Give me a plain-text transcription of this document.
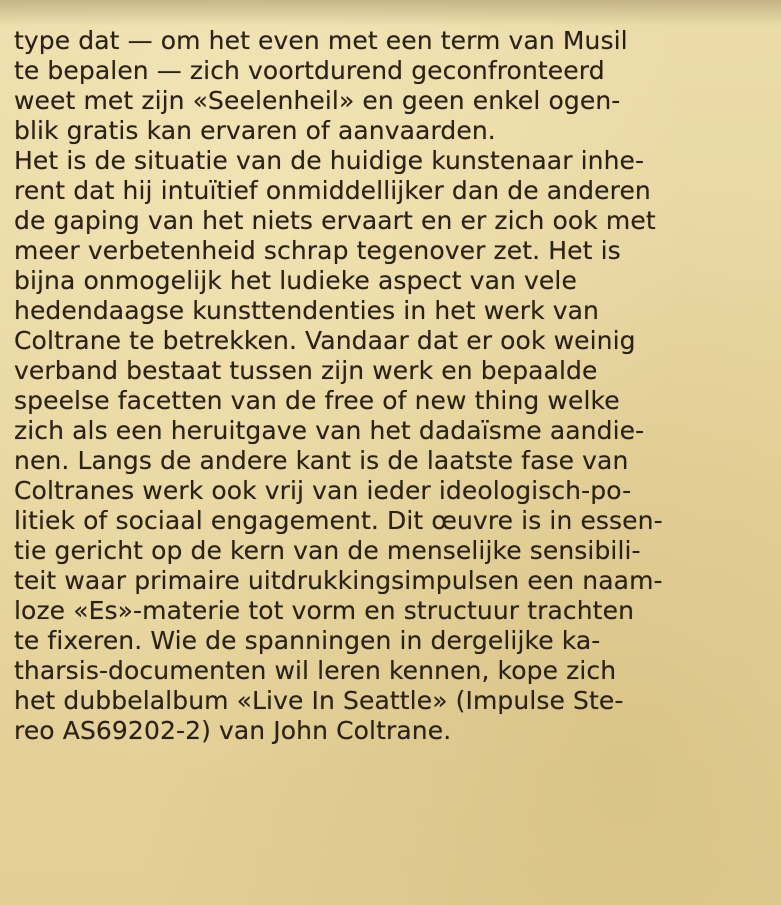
type dat — om het even met een term van Musil
te bepalen — zich voortdurend geconfronteerd
weet met zijn «Seelenheil» en geen enkel ogen-
blik gratis kan ervaren of aanvaarden.
Het is de situatie van de huidige kunstenaar inhe-
rent dat hij intuïtief onmiddellijker dan de anderen
de gaping van het niets ervaart en er zich ook met
meer verbetenheid schrap tegenover zet. Het is
bijna onmogelijk het ludieke aspect van vele
hedendaagse kunsttendenties in het werk van
Coltrane te betrekken. Vandaar dat er ook weinig
verband bestaat tussen zijn werk en bepaalde
speelse facetten van de free of new thing welke
zich als een heruitgave van het dadaïsme aandie-
nen. Langs de andere kant is de laatste fase van
Coltranes werk ook vrij van ieder ideologisch-po-
litiek of sociaal engagement. Dit œuvre is in essen-
tie gericht op de kern van de menselijke sensibili-
teit waar primaire uitdrukkingsimpulsen een naam-
loze «Es»-materie tot vorm en structuur trachten
te fixeren. Wie de spanningen in dergelijke ka-
tharsis-documenten wil leren kennen, kope zich
het dubbelalbum «Live In Seattle» (Impulse Ste-
reo AS69202-2) van John Coltrane.
